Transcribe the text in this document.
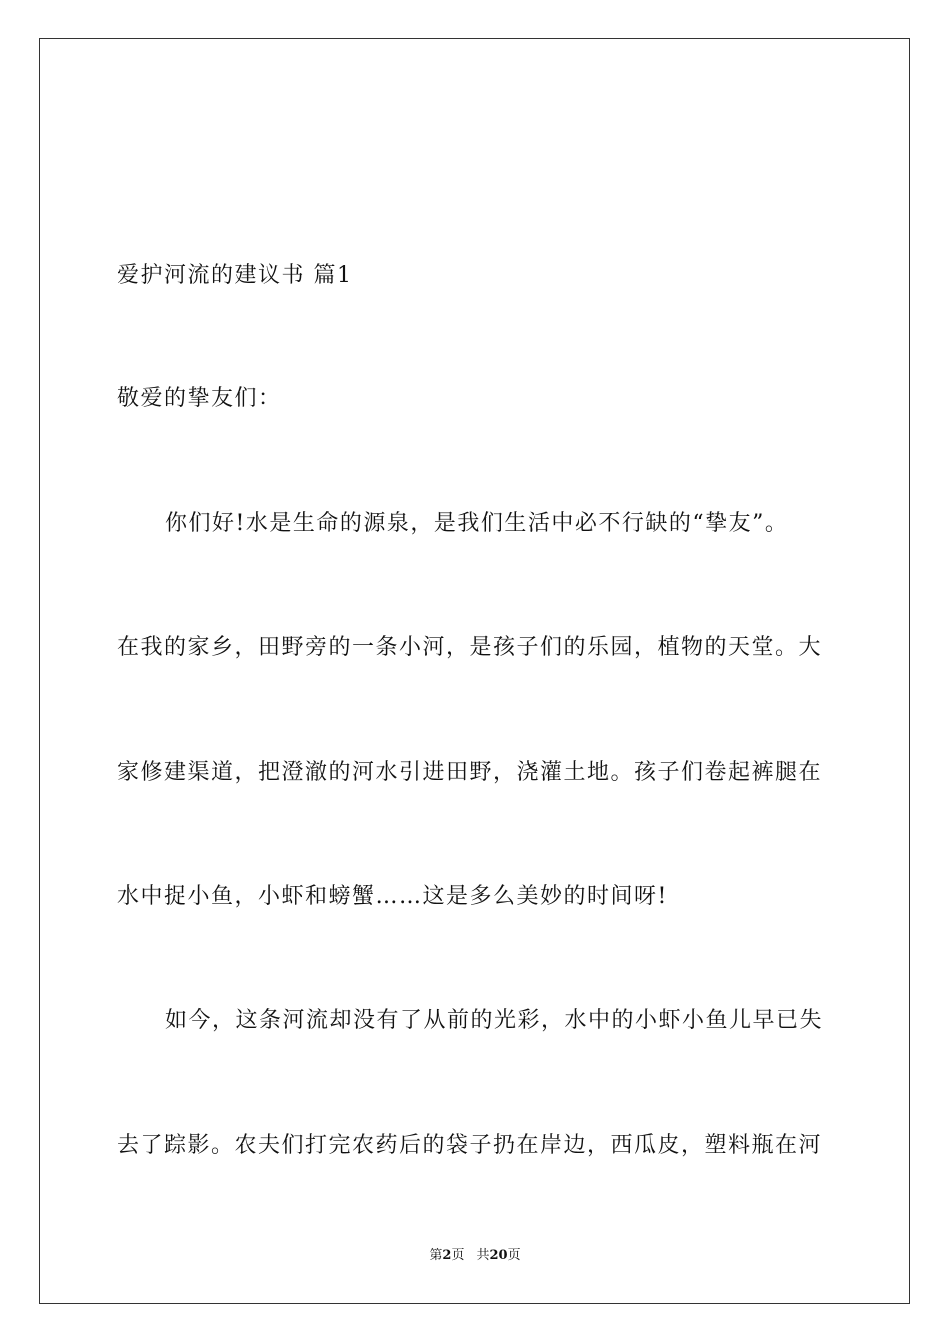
爱护河流的建议书 篇1
敬爱的挚友们：
你们好!水是生命的源泉，是我们生活中必不行缺的“挚友”。
在我的家乡，田野旁的一条小河，是孩子们的乐园，植物的天堂。大
家修建渠道，把澄澈的河水引进田野，浇灌土地。孩子们卷起裤腿在
水中捉小鱼，小虾和螃蟹……这是多么美妙的时间呀!
如今，这条河流却没有了从前的光彩，水中的小虾小鱼儿早已失
去了踪影。农夫们打完农药后的袋子扔在岸边，西瓜皮，塑料瓶在河
第2页 共20页
